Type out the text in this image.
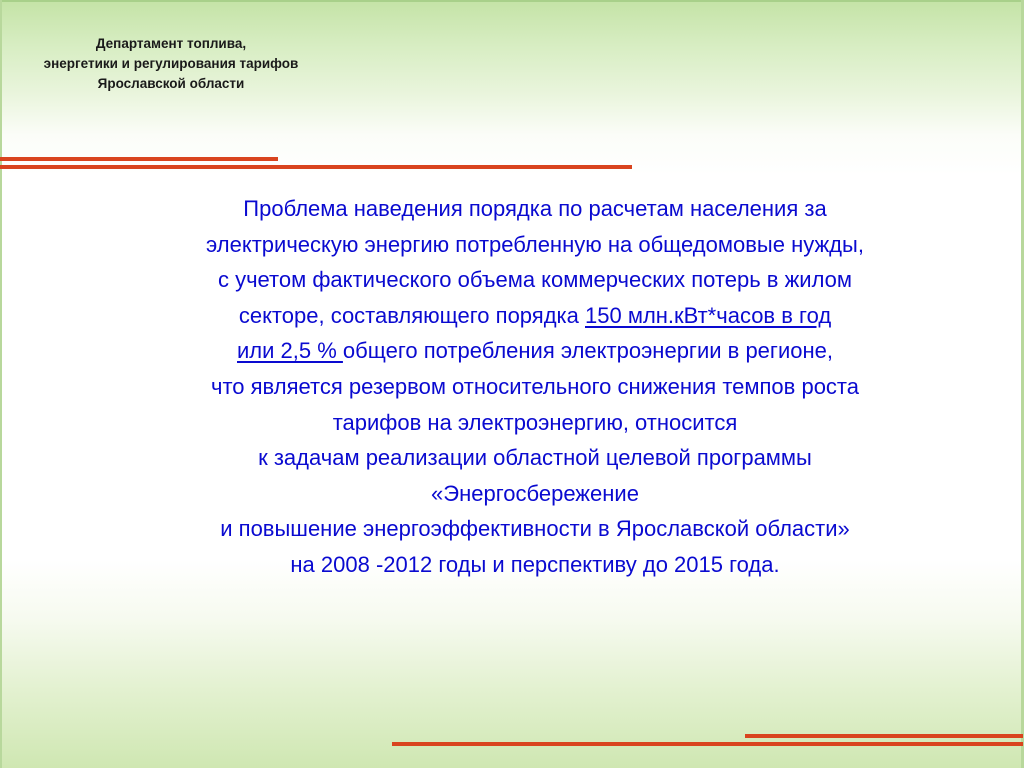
Департамент топлива,
энергетики и регулирования тарифов
Ярославской области
Проблема наведения порядка по расчетам населения за
электрическую энергию потребленную на общедомовые нужды,
с учетом фактического объема коммерческих потерь в жилом
секторе, составляющего порядка 150 млн.кВт*часов в год
или 2,5 % общего потребления электроэнергии в регионе,
что является резервом относительного снижения темпов роста
тарифов на электроэнергию, относится
к задачам реализации областной целевой программы
«Энергосбережение
и повышение энергоэффективности в Ярославской области»
на 2008 -2012 годы и перспективу до 2015 года.
